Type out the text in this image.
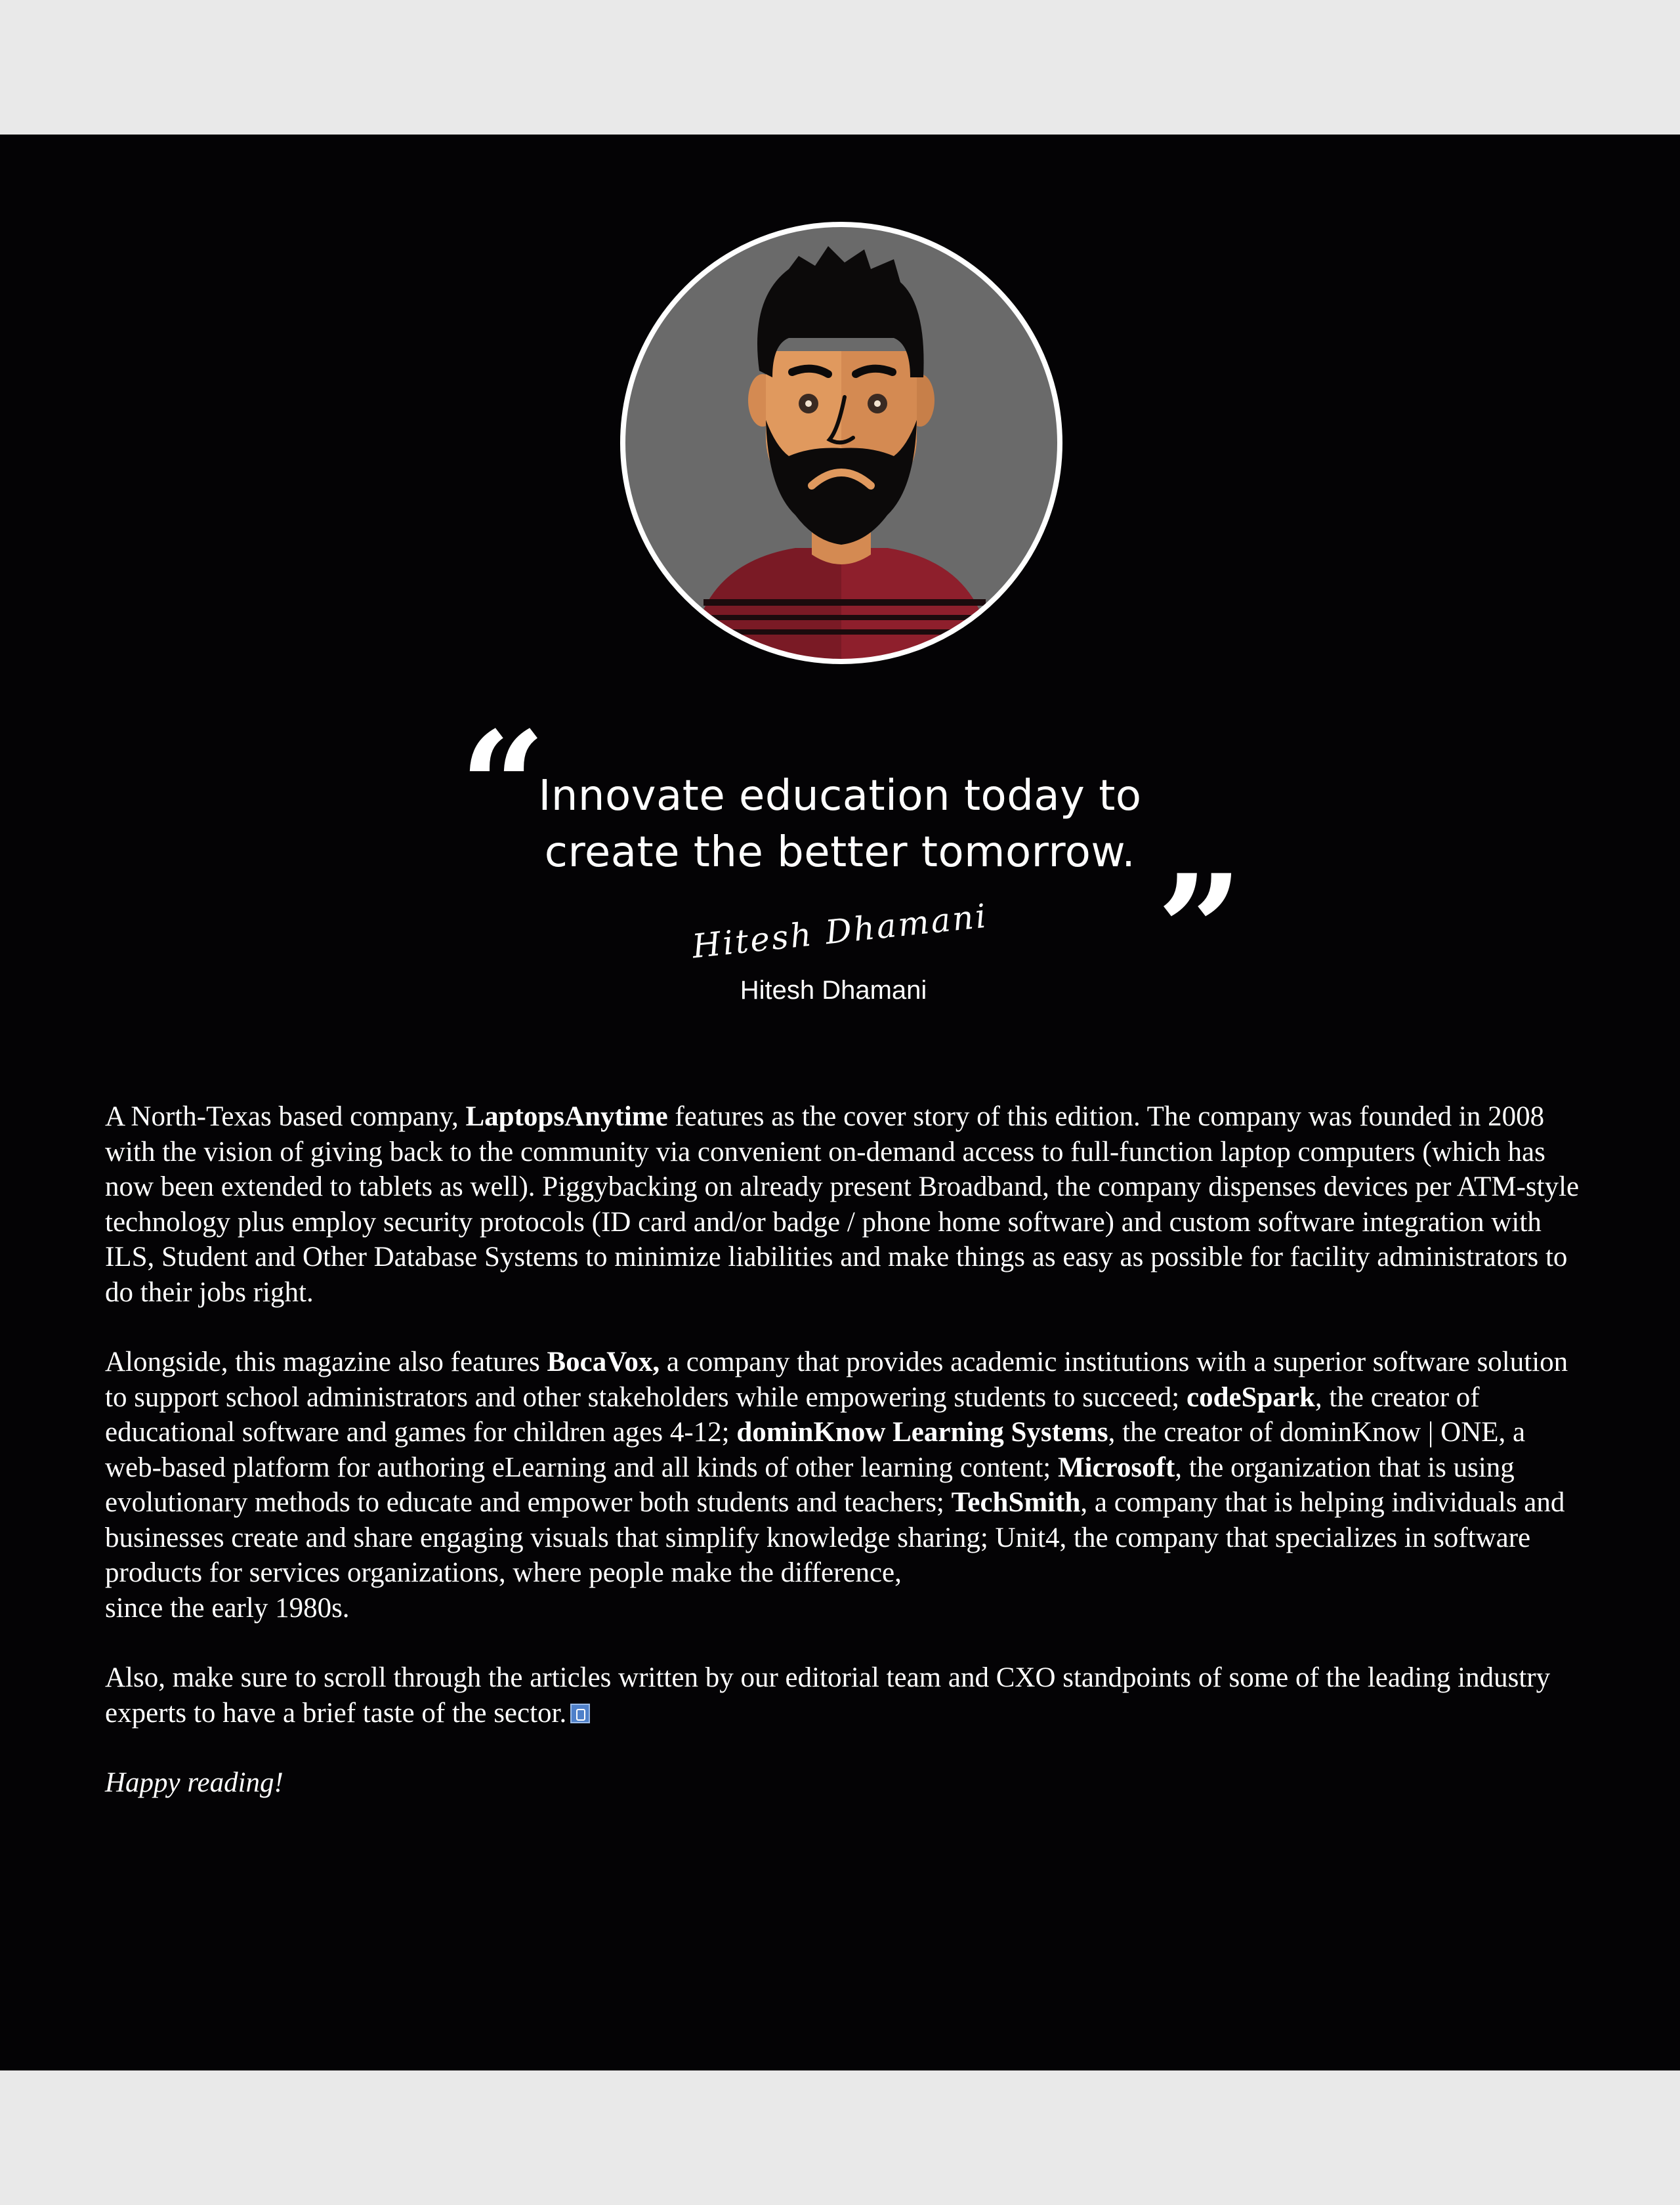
“
Innovate education today to
create the better tomorrow. ”
Hitesh Dhamani
Hitesh Dhamani

A North-Texas based company, LaptopsAnytime features as the cover story of this edition. The company was founded in 2008 with the vision of giving back to the community via convenient on-demand access to full-function laptop computers (which has now been extended to tablets as well). Piggybacking on already present Broadband, the company dispenses devices per ATM-style technology plus employ security protocols (ID card and/or badge / phone home software) and custom software integration with ILS, Student and Other Database Systems to minimize liabilities and make things as easy as possible for facility administrators to do their jobs right.

Alongside, this magazine also features BocaVox, a company that provides academic institutions with a superior software solution to support school administrators and other stakeholders while empowering students to succeed; codeSpark, the creator of educational software and games for children ages 4-12; dominKnow Learning Systems, the creator of dominKnow | ONE, a web-based platform for authoring eLearning and all kinds of other learning content; Microsoft, the organization that is using evolutionary methods to educate and empower both students and teachers; TechSmith, a company that is helping individuals and businesses create and share engaging visuals that simplify knowledge sharing; Unit4, the company that specializes in software products for services organizations, where people make the difference,
since the early 1980s.

Also, make sure to scroll through the articles written by our editorial team and CXO standpoints of some of the leading industry experts to have a brief taste of the sector.

Happy reading!
